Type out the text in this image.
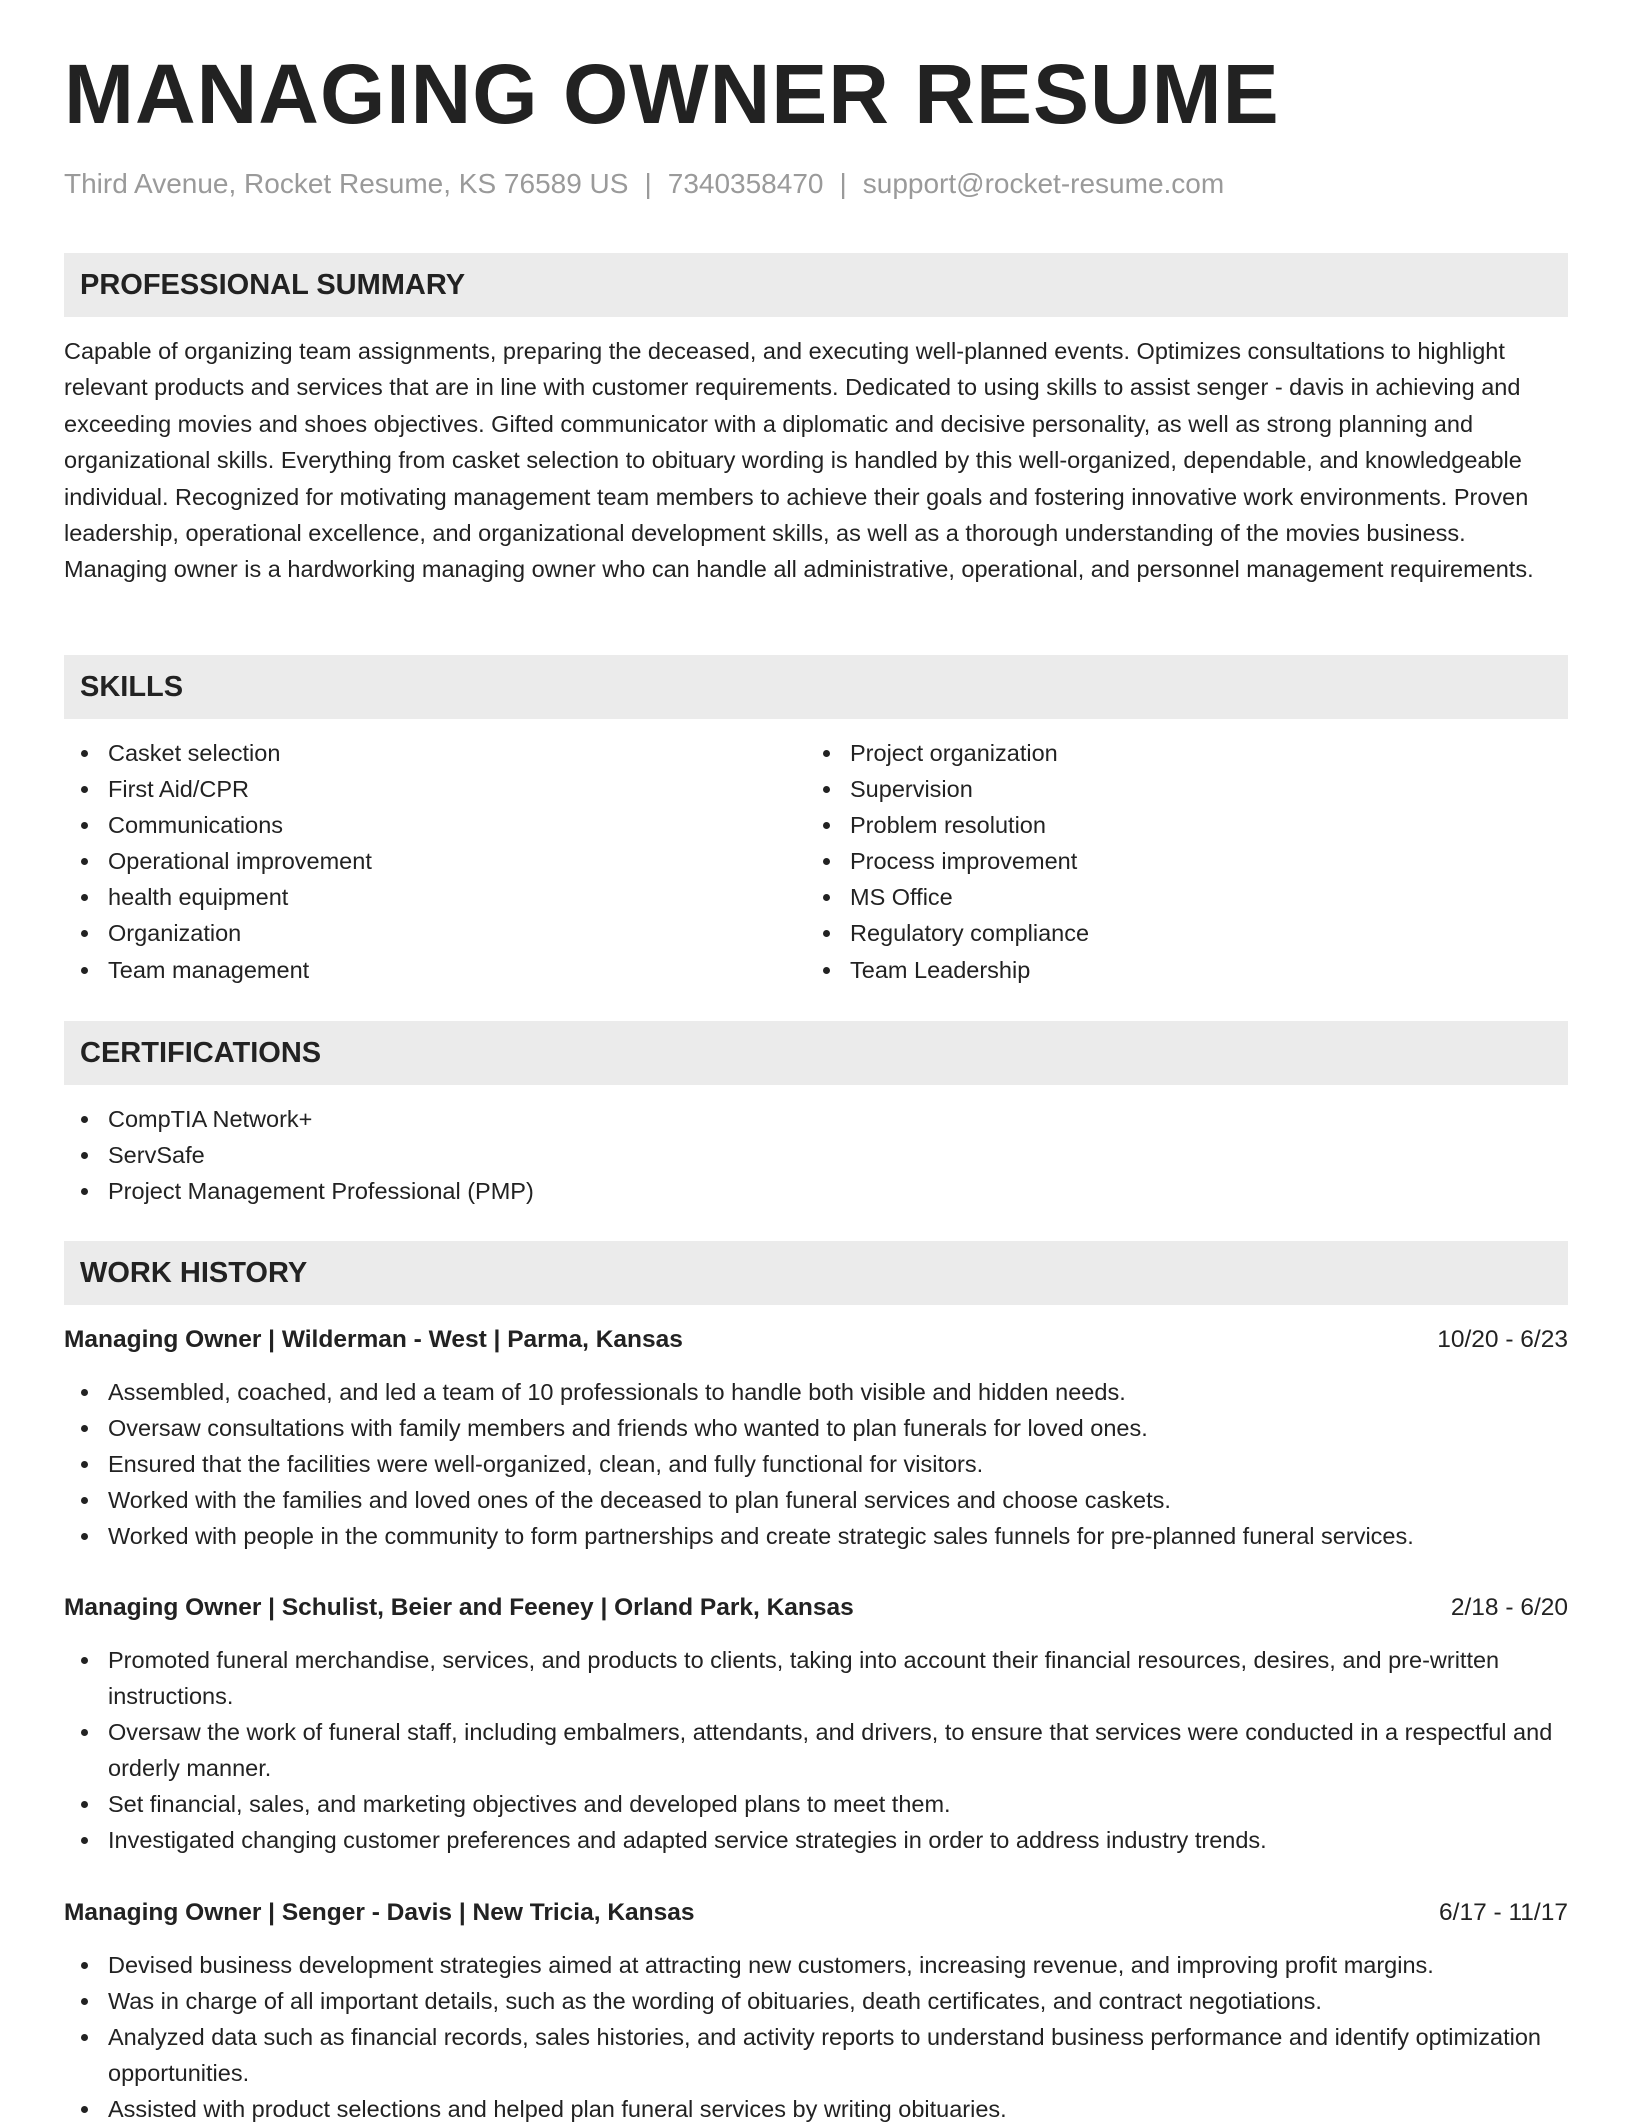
MANAGING OWNER RESUME
Third Avenue, Rocket Resume, KS 76589 US | 7340358470 | support@rocket-resume.com
PROFESSIONAL SUMMARY

Capable of organizing team assignments, preparing the deceased, and executing well-planned events. Optimizes consultations to highlight relevant products and services that are in line with customer requirements. Dedicated to using skills to assist senger - davis in achieving and exceeding movies and shoes objectives. Gifted communicator with a diplomatic and decisive personality, as well as strong planning and organizational skills. Everything from casket selection to obituary wording is handled by this well-organized, dependable, and knowledgeable individual. Recognized for motivating management team members to achieve their goals and fostering innovative work environments. Proven leadership, operational excellence, and organizational development skills, as well as a thorough understanding of the movies business. Managing owner is a hardworking managing owner who can handle all administrative, operational, and personnel management requirements.

SKILLS
Casket selection
First Aid/CPR
Communications
Operational improvement
health equipment
Organization
Team management
Project organization
Supervision
Problem resolution
Process improvement
MS Office
Regulatory compliance
Team Leadership
CERTIFICATIONS
CompTIA Network+
ServSafe
Project Management Professional (PMP)
WORK HISTORY
Managing Owner | Wilderman - West | Parma, Kansas	10/20 - 6/23
Assembled, coached, and led a team of 10 professionals to handle both visible and hidden needs.
Oversaw consultations with family members and friends who wanted to plan funerals for loved ones.
Ensured that the facilities were well-organized, clean, and fully functional for visitors.
Worked with the families and loved ones of the deceased to plan funeral services and choose caskets.
Worked with people in the community to form partnerships and create strategic sales funnels for pre-planned funeral services.
Managing Owner | Schulist, Beier and Feeney | Orland Park, Kansas	2/18 - 6/20
Promoted funeral merchandise, services, and products to clients, taking into account their financial resources, desires, and pre-written instructions.
Oversaw the work of funeral staff, including embalmers, attendants, and drivers, to ensure that services were conducted in a respectful and orderly manner.
Set financial, sales, and marketing objectives and developed plans to meet them.
Investigated changing customer preferences and adapted service strategies in order to address industry trends.
Managing Owner | Senger - Davis | New Tricia, Kansas	6/17 - 11/17
Devised business development strategies aimed at attracting new customers, increasing revenue, and improving profit margins.
Was in charge of all important details, such as the wording of obituaries, death certificates, and contract negotiations.
Analyzed data such as financial records, sales histories, and activity reports to understand business performance and identify optimization opportunities.
Assisted with product selections and helped plan funeral services by writing obituaries.
